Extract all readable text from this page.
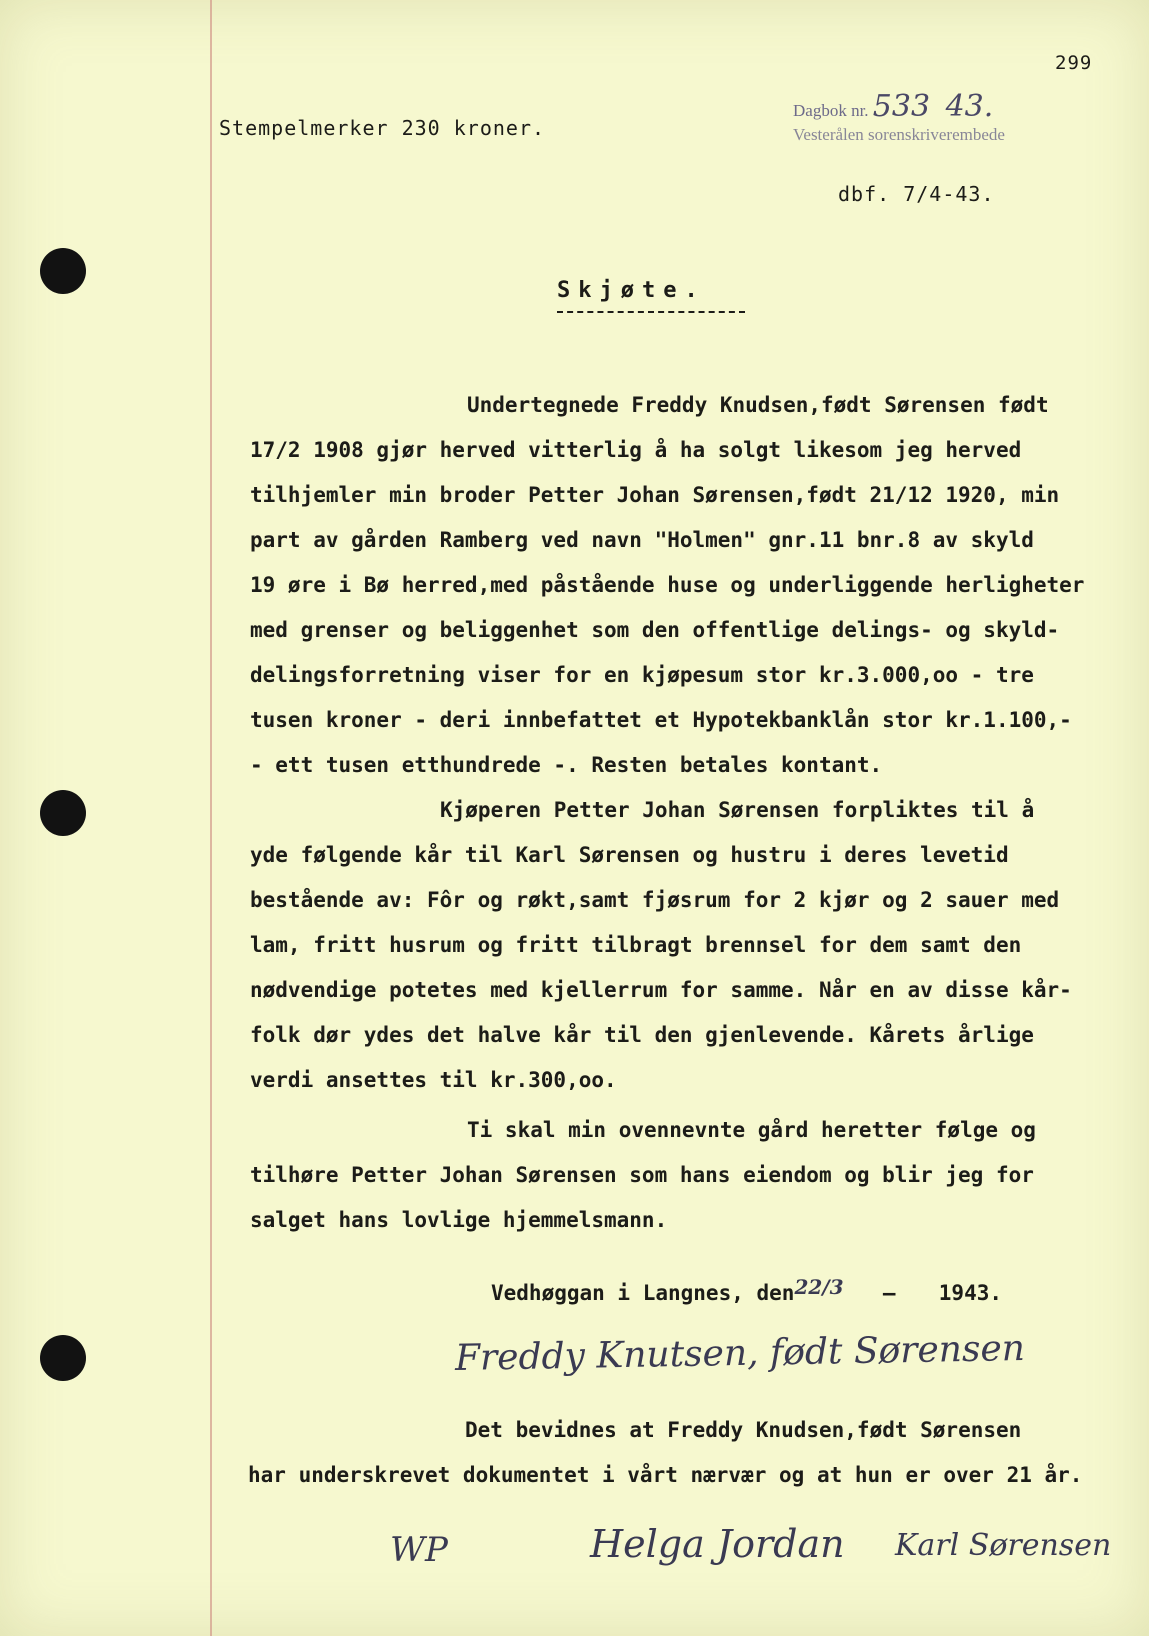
299
Stempelmerker 230 kroner.
Dagbok nr. 533 43.
Vesterålen sorenskriverembede
dbf. 7/4-43.
Skjøte.
Undertegnede Freddy Knudsen,født Sørensen født
17/2 1908 gjør herved vitterlig å ha solgt likesom jeg herved
tilhjemler min broder Petter Johan Sørensen,født 21/12 1920, min
part av gården Ramberg ved navn "Holmen" gnr.11 bnr.8 av skyld
19 øre i Bø herred,med påstående huse og underliggende herligheter
med grenser og beliggenhet som den offentlige delings- og skyld-
delingsforretning viser for en kjøpesum stor kr.3.000,oo - tre
tusen kroner - deri innbefattet et Hypotekbanklån stor kr.1.100,-
- ett tusen etthundrede -. Resten betales kontant.
Kjøperen Petter Johan Sørensen forpliktes til å
yde følgende kår til Karl Sørensen og hustru i deres levetid
bestående av: Fôr og røkt,samt fjøsrum for 2 kjør og 2 sauer med
lam, fritt husrum og fritt tilbragt brennsel for dem samt den
nødvendige potetes med kjellerrum for samme. Når en av disse kår-
folk dør ydes det halve kår til den gjenlevende. Kårets årlige
verdi ansettes til kr.300,oo.
Ti skal min ovennevnte gård heretter følge og
tilhøre Petter Johan Sørensen som hans eiendom og blir jeg for
salget hans lovlige hjemmelsmann.
Vedhøggan i Langnes, den22/3 — 1943.
Freddy Knutsen, født Sørensen
Det bevidnes at Freddy Knudsen,født Sørensen
har underskrevet dokumentet i vårt nærvær og at hun er over 21 år.
WP	Helga Jordan Karl Sørensen
